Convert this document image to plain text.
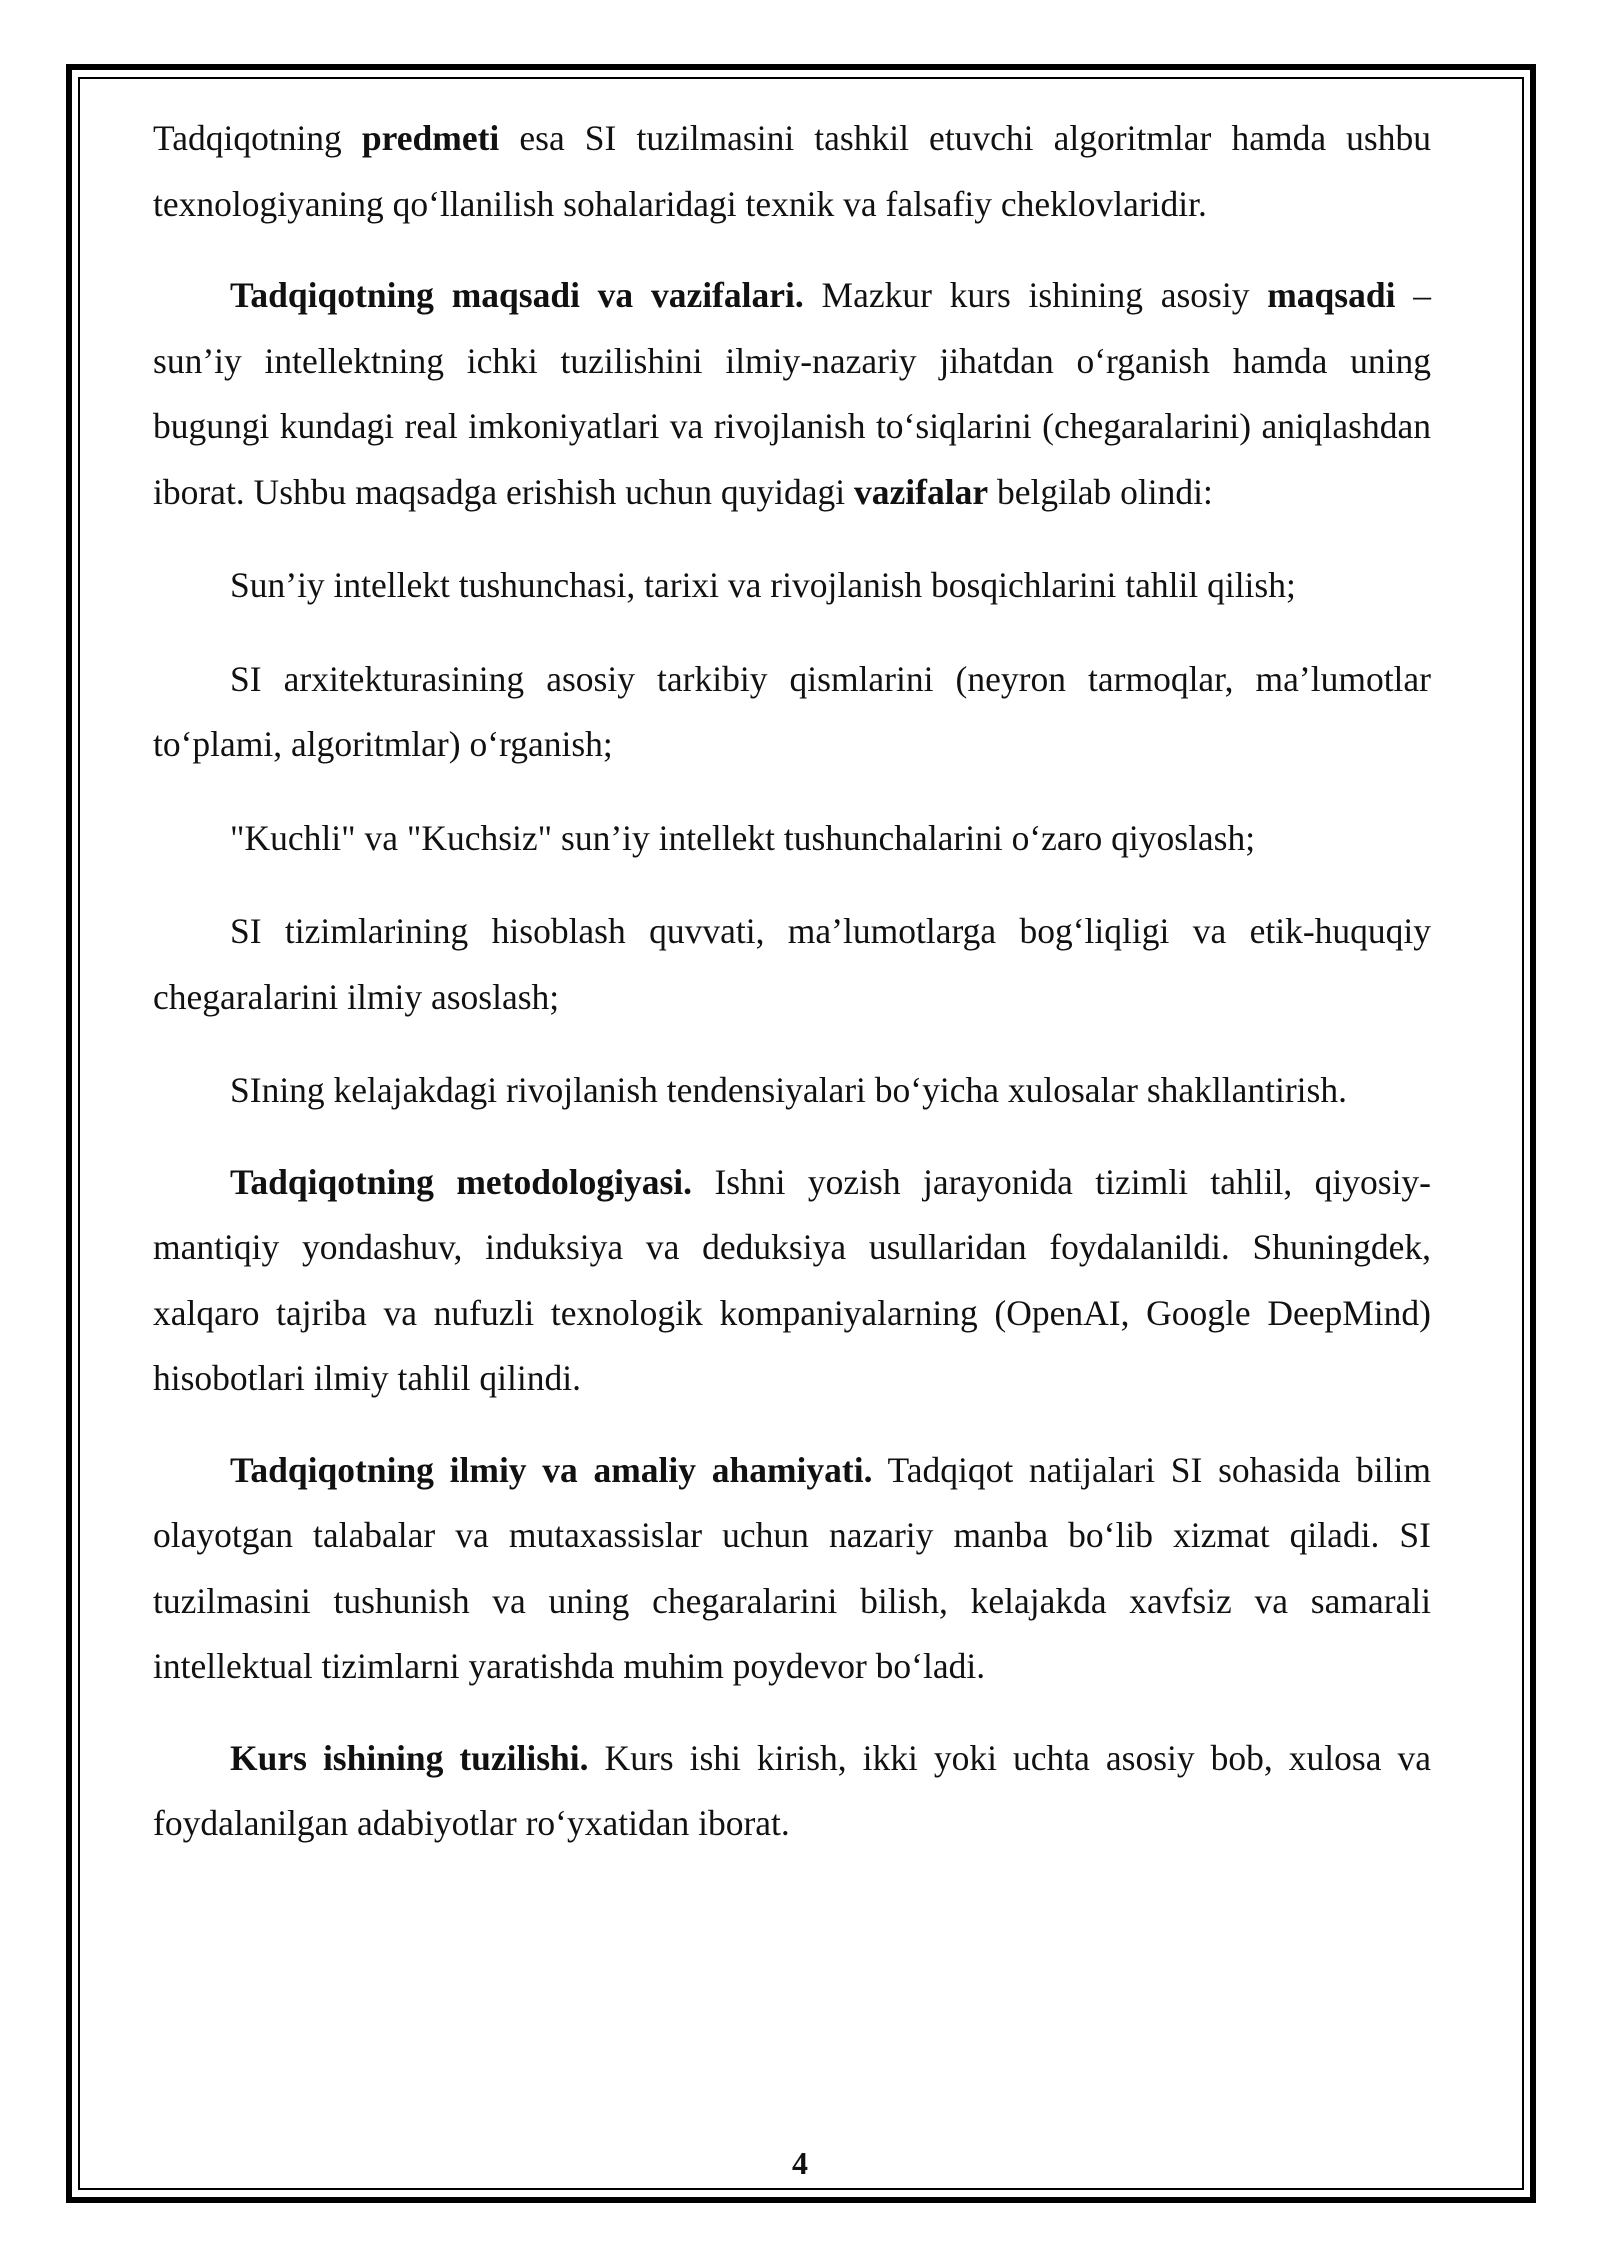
Tadqiqotning predmeti esa SI tuzilmasini tashkil etuvchi algoritmlar hamda ushbu texnologiyaning qo‘llanilish sohalaridagi texnik va falsafiy cheklovlaridir.

Tadqiqotning maqsadi va vazifalari. Mazkur kurs ishining asosiy maqsadi – sun’iy intellektning ichki tuzilishini ilmiy-nazariy jihatdan o‘rganish hamda uning bugungi kundagi real imkoniyatlari va rivojlanish to‘siqlarini (chegaralarini) aniqlashdan iborat. Ushbu maqsadga erishish uchun quyidagi vazifalar belgilab olindi:

Sun’iy intellekt tushunchasi, tarixi va rivojlanish bosqichlarini tahlil qilish;

SI arxitekturasining asosiy tarkibiy qismlarini (neyron tarmoqlar, ma’lumotlar to‘plami, algoritmlar) o‘rganish;

"Kuchli" va "Kuchsiz" sun’iy intellekt tushunchalarini o‘zaro qiyoslash;

SI tizimlarining hisoblash quvvati, ma’lumotlarga bog‘liqligi va etik-huquqiy chegaralarini ilmiy asoslash;

SIning kelajakdagi rivojlanish tendensiyalari bo‘yicha xulosalar shakllantirish.

Tadqiqotning metodologiyasi. Ishni yozish jarayonida tizimli tahlil, qiyosiy-mantiqiy yondashuv, induksiya va deduksiya usullaridan foydalanildi. Shuningdek, xalqaro tajriba va nufuzli texnologik kompaniyalarning (OpenAI, Google DeepMind) hisobotlari ilmiy tahlil qilindi.

Tadqiqotning ilmiy va amaliy ahamiyati. Tadqiqot natijalari SI sohasida bilim olayotgan talabalar va mutaxassislar uchun nazariy manba bo‘lib xizmat qiladi. SI tuzilmasini tushunish va uning chegaralarini bilish, kelajakda xavfsiz va samarali intellektual tizimlarni yaratishda muhim poydevor bo‘ladi.

Kurs ishining tuzilishi. Kurs ishi kirish, ikki yoki uchta asosiy bob, xulosa va foydalanilgan adabiyotlar ro‘yxatidan iborat.

4
